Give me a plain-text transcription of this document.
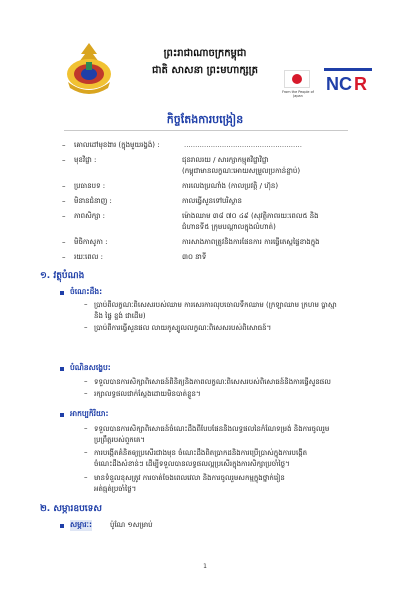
ព្រះរាជាណាចក្រកម្ពុជា
ជាតិ សាសនា ព្រះមហាក្សត្រ
From the People of Japan
NC R
កិច្ចតែងការបង្រៀន
– គោលដៅមុខងារ (ក្នុងមួយរង្វង់) :	.....................................................
– មុខវិជ្ជា :	ជុនរាលរយ / សារក្សាកម្មុតវិជ្ជាវិជ្ជា
(កម្ពុជាមានលក្ខណៈអោយសម្រួលប្រកាន់ខ្ជាប់)
– ប្រធានបទ :	ការលេងប្រណាំង (កាលប្រវត្តិ / ហ៊ុន)
– មិនានជំនាញ :	កាលធ្វើសួនទៅបរិស្ថាន
– ភាពសិក្សា :	ម៉ោងឈាម ៣៨ ៧០ ៤៩ (សុវត្ថិភាពរយៈពេល៥ និង
ជំហានទី៥ ក្រុមបណ្តាលក្នុងលំហាត់)
– មិចិកាសូកា :	ការសាងភាពត្រូវនិងការផែនការ ការធ្វើតេស្តផ្ទៃខាងក្នុង
– រយៈពេល :	៣០ នាទី
១. វត្ថុបំណង
ចំណេះដឹង:
– ប្រាប់ពីលក្ខណៈពិសេសរបស់ឈាម ការសេរការលុបចោលទឹកឈាម (ក្រឡាឈាម ក្រហម ប្លាស្មា
និង ផ្ទៃ ខ្ទង់ ជាដើម)
– ប្រាប់ពីការធ្វើសួនផល លាយកូស្បូលលក្ខណៈពិសេសរបស់ពិសោធន៍។
បំណិនសង្ខេប:
– ទទួលបានការសិក្សាពិសោធន៍ពិនិត្យនិងភាពលក្ខណៈពិសេសរបស់ពិសោធន៍និងការធ្វើសួនផល
– រក្សាលទ្ធផលជាក់ស្ដែងដោយមិនបាត់ខ្លួន។
អាកប្បកិរិយា:
– ទទួលបានការសិក្សាពិសោធន៍ចំណេះដឹងពីបែបផែននិងលទ្ធផលនៃកំណែទម្រង់ និងការចូលរួម
ប្រព្រឹត្តរបស់ពួកគេ។
– ការបង្កើតគំនិតឲ្យប្រសើរជាងមុន ចំណេះដឹងពិតប្រាកដនិងការប្រើប្រាស់ក្នុងការបង្កើត
ចំណេះដឹងសំខាន់ៗ ដើម្បីទទួលបានលទ្ធផលល្អប្រសើរក្នុងការសិក្សាប្រចាំថ្ងៃ។
– មានទំនួលខុសត្រូវ ការចាត់ចែងពេលវេលា និងការចូលរួមសកម្មក្នុងថ្នាក់រៀន
អត់ធ្មត់ប្រចាំថ្ងៃ។
២. សម្ភារឧបទេស
សម្ភារៈ:	ប៉ូណែ ១សម្រាប់
1
